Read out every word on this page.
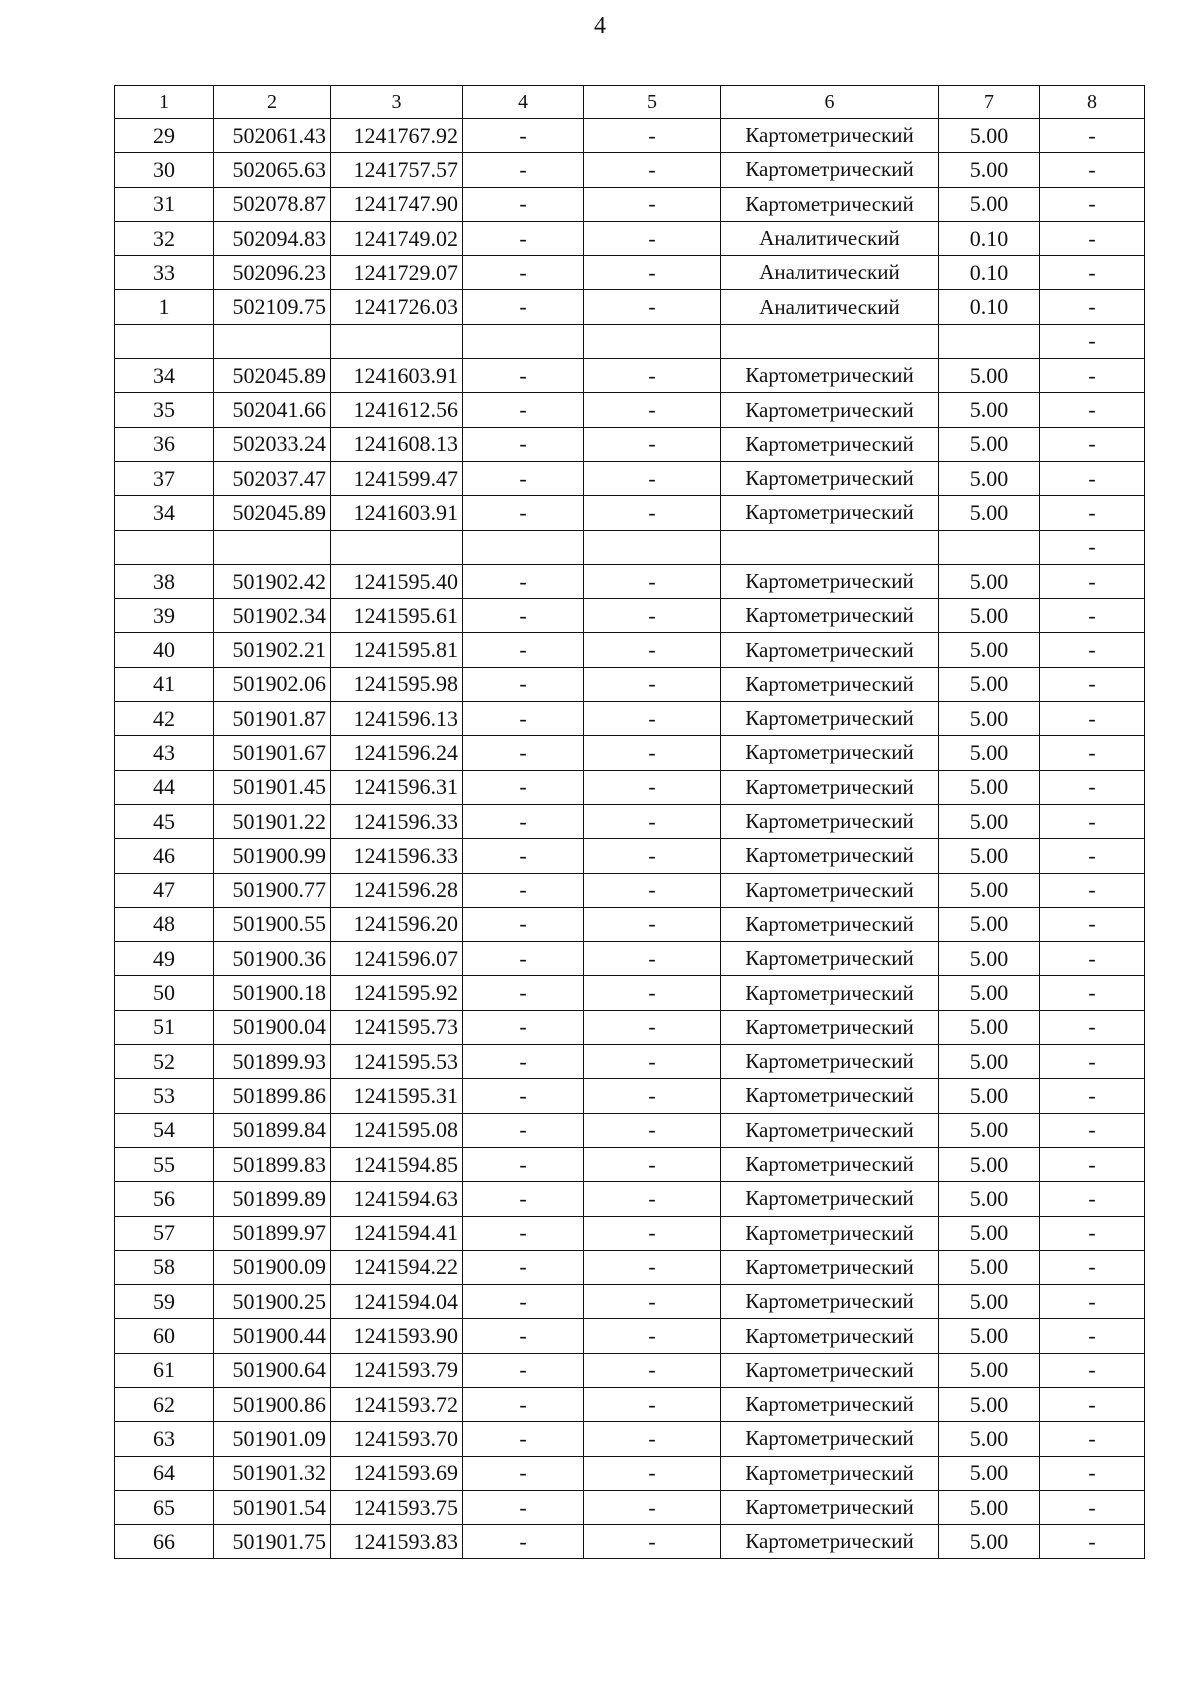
4
1	2	3	4	5	6	7	8
29	502061.43	1241767.92	-	-	Картометрический	5.00	-
30	502065.63	1241757.57	-	-	Картометрический	5.00	-
31	502078.87	1241747.90	-	-	Картометрический	5.00	-
32	502094.83	1241749.02	-	-	Аналитический	0.10	-
33	502096.23	1241729.07	-	-	Аналитический	0.10	-
1	502109.75	1241726.03	-	-	Аналитический	0.10	-
							-
34	502045.89	1241603.91	-	-	Картометрический	5.00	-
35	502041.66	1241612.56	-	-	Картометрический	5.00	-
36	502033.24	1241608.13	-	-	Картометрический	5.00	-
37	502037.47	1241599.47	-	-	Картометрический	5.00	-
34	502045.89	1241603.91	-	-	Картометрический	5.00	-
							-
38	501902.42	1241595.40	-	-	Картометрический	5.00	-
39	501902.34	1241595.61	-	-	Картометрический	5.00	-
40	501902.21	1241595.81	-	-	Картометрический	5.00	-
41	501902.06	1241595.98	-	-	Картометрический	5.00	-
42	501901.87	1241596.13	-	-	Картометрический	5.00	-
43	501901.67	1241596.24	-	-	Картометрический	5.00	-
44	501901.45	1241596.31	-	-	Картометрический	5.00	-
45	501901.22	1241596.33	-	-	Картометрический	5.00	-
46	501900.99	1241596.33	-	-	Картометрический	5.00	-
47	501900.77	1241596.28	-	-	Картометрический	5.00	-
48	501900.55	1241596.20	-	-	Картометрический	5.00	-
49	501900.36	1241596.07	-	-	Картометрический	5.00	-
50	501900.18	1241595.92	-	-	Картометрический	5.00	-
51	501900.04	1241595.73	-	-	Картометрический	5.00	-
52	501899.93	1241595.53	-	-	Картометрический	5.00	-
53	501899.86	1241595.31	-	-	Картометрический	5.00	-
54	501899.84	1241595.08	-	-	Картометрический	5.00	-
55	501899.83	1241594.85	-	-	Картометрический	5.00	-
56	501899.89	1241594.63	-	-	Картометрический	5.00	-
57	501899.97	1241594.41	-	-	Картометрический	5.00	-
58	501900.09	1241594.22	-	-	Картометрический	5.00	-
59	501900.25	1241594.04	-	-	Картометрический	5.00	-
60	501900.44	1241593.90	-	-	Картометрический	5.00	-
61	501900.64	1241593.79	-	-	Картометрический	5.00	-
62	501900.86	1241593.72	-	-	Картометрический	5.00	-
63	501901.09	1241593.70	-	-	Картометрический	5.00	-
64	501901.32	1241593.69	-	-	Картометрический	5.00	-
65	501901.54	1241593.75	-	-	Картометрический	5.00	-
66	501901.75	1241593.83	-	-	Картометрический	5.00	-
